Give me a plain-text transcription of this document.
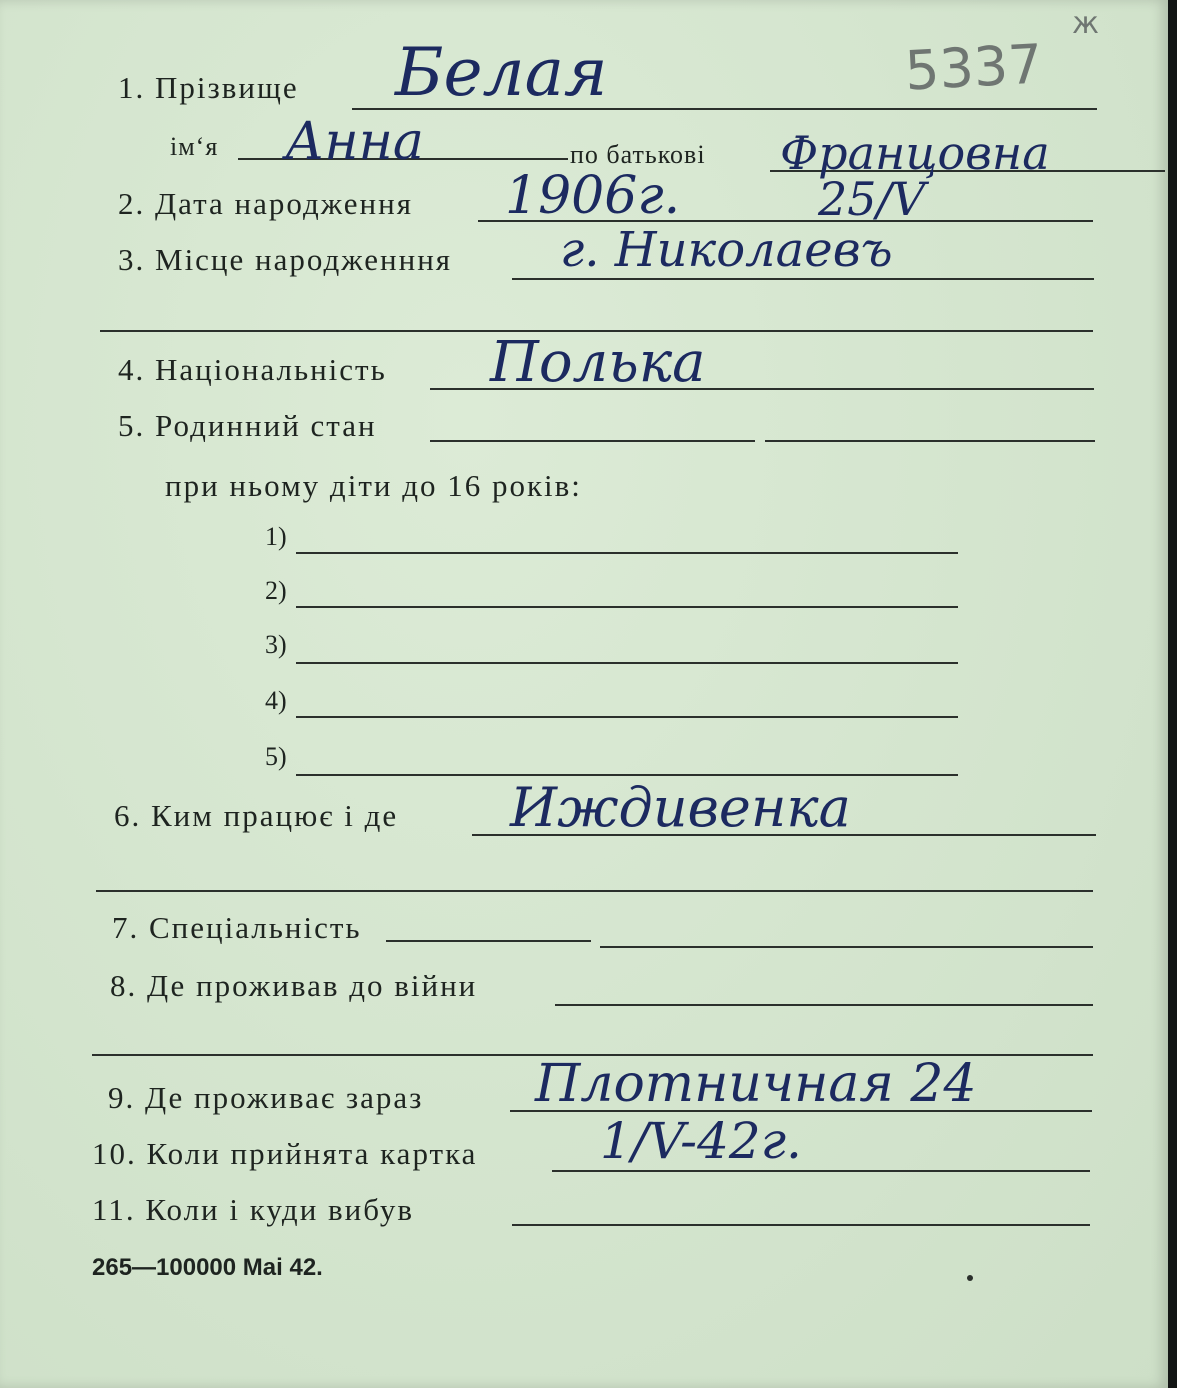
5337
ж
1. Прізвище Белая
ім‘я Анна	по батькові Францовна
2. Дата народження 1906г.	25/V
3. Місце народженння г. Николаевъ
4. Національність Полька
5. Родинний стан
при ньому діти до 16 років:
1)
2)
3)
4)
5)
6. Ким працює і де Иждивенка
7. Спеціальність
8. Де проживав до війни
9. Де проживає зараз Плотничная 24
10. Коли прийнята картка 1/V-42г.
11. Коли і куди вибув
265—100000 Mai 42.
